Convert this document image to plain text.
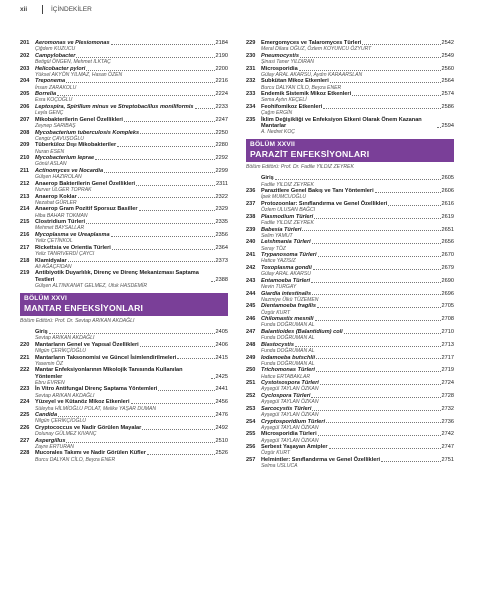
xii	İÇİNDEKİLER
201	Aeromonas ve Plesiomonas	2184
Çiğdem KUZUCU
202	Campylobacter	2190
Betigül ÖNGEN, Mehmet ILKTAÇ
203	Helicobacter pylori	2200
Yüksel AKYÖN YILMAZ, Hasan ÖZEN
204	Treponema	2216
İnsan ZARAKOLU
205	Borrelia	2224
Esra KOÇOĞLU
206	Leptospira, Spirillum minus ve Streptobacillus moniliformis	2233
Leyla GENÇ
207	Mikobakterilerin Genel Özellikleri	2247
Zeynep SARIBAŞ
208	Mycobacterium tuberculosis Kompleks	2250
Cengiz ÇAVUŞOĞLU
209	Tüberküloz Dışı Mikobakteriler	2280
Nuran ESEN
210	Mycobacterium leprae	2292
Gönül ASLAN
211	Actinomyces ve Nocardia	2299
Gülşen HAZIROLAN
212	Anaerop Bakterilerin Genel Özellikleri	2311
Nurver ÜLGER TOPRAK
213	Anaerop Koklar	2322
Nezahat GÜRLER
214	Anaerop Gram Pozitif Sporsuz Basiller	2329
Hiba BAHAR TOKMAN
215	Clostridium Türleri	2335
Mehmet BAYSALLAR
216	Mycoplasma ve Ureaplasma	2356
Yeliz ÇETİNKOL
217	Rickettsia ve Orientia Türleri	2364
Yeliz TANRIVERDİ ÇAYCI
218	Klamidyalar	2373
Ali AĞAÇFIDAN
219	Antibiyotik Duyarlılık, Direnç ve Direnç Mekanizması Saptama Testleri	2388
Gülşen ALTINKANAT GELMEZ, Ufuk HASDEMİR
BÖLÜM XXVI
MANTAR ENFEKSİYONLARI
Bölüm Editörü: Prof. Dr. Sevtap ARIKAN AKDAĞLI
Giriş	2405
Sevtap ARIKAN AKDAĞLI
220	Mantarların Genel ve Yapısal Özellikleri	2406
Nilgün ÇERİKÇİOĞLU
221	Mantarların Taksonomisi ve Güncel İsimlendirilmeleri	2415
Yasemin ÖZ
222	Mantar Enfeksiyonlarının Mikolojik Tanısında Kullanılan Yöntemler	2425
Ebru EVREN
223	İn Vitro Antifungal Direnç Saptama Yöntemleri	2441
Sevtap ARIKAN AKDAĞLI
224	Yüzeyel ve Kütanöz Mikoz Etkenleri	2456
Süleyha HİLMİOĞLU POLAT, Melike YAŞAR DUMAN
225	Candida	2476
Nilgün ÇERİKÇİOĞLU
226	Cryptococcus ve Nadir Görülen Mayalar	2492
Dolunay GÜLMEZ KIVANÇ
227	Aspergillus	2510
Zayre ERTURAN
228	Mucorales Takımı ve Nadir Görülen Küfler	2526
Burcu DALYAN CİLO, Beyza ENER
229	Emergomyces ve Talaromyces Türleri	2542
Meral Dilara OĞUZ, Özlem KOYUNCU ÖZYURT
230	Pneumocystis	2549
Şinasi Taner YILDIRAN
231	Microsporidia	2560
Gülay ARAL AKARSU, Aydın KARAARSLAN
232	Subkütan Mikoz Etkenleri	2564
Burcu DALYAN CİLO, Beyza ENER
233	Endemik Sistemik Mikoz Etkenleri	2574
Sema Aytın KEÇELİ
234	Feohifomikoz Etkenleri	2586
Çağın ERGİN
235	İklim Değişikliği ve Enfeksiyon Etkeni Olarak Önem Kazanan Mantarlar	2594
A. Nedret KOÇ
BÖLÜM XXVII
PARAZİT ENFEKSİYONLARI
Bölüm Editörü: Prof. Dr. Fadile YILDIZ ZEYREK
Giriş	2605
Fadile YILDIZ ZEYREK
236	Parazitlere Genel Bakış ve Tanı Yöntemleri	2606
İpek MUMCUOĞLU
237	Protozoonlar: Sınıflandırma ve Genel Özellikleri	2616
Özlem ULUSAN BAĞCI
238	Plasmodium Türleri	2619
Fadile YILDIZ ZEYREK
239	Babesia Türleri	2651
Selim YAMUT
240	Leishmania Türleri	2656
Seray TÖZ
241	Trypanosoma Türleri	2670
Hatice YAZISIZ
242	Toxoplasma gondii	2679
Gülay ARAL AKARSU
243	Entamoeba Türleri	2690
Nevin TURGAY
244	Giardia intestinalis	2696
Nazmiye Ülkü TÜZEMEN
245	Dientamoeba fragilis	2705
Özgür KURT
246	Chilomastix mesnili	2708
Funda DOĞRUMAN AL
247	Balantioides (Balantidium) coli	2710
Funda DOĞRUMAN AL
248	Blastocystis	2713
Funda DOĞRUMAN AL
249	Iodamoeba butschlii	2717
Funda DOĞRUMAN AL
250	Trichomonas Türleri	2719
Hatice ERTABAKLAR
251	Cystoisospora Türleri	2724
Ayşegül TAYLAN ÖZKAN
252	Cyclospora Türleri	2728
Ayşegül TAYLAN ÖZKAN
253	Sarcocystis Türleri	2732
Ayşegül TAYLAN ÖZKAN
254	Cryptosporidium Türleri	2736
Ayşegül TAYLAN ÖZKAN
255	Microsporidia Türleri	2742
Ayşegül TAYLAN ÖZKAN
256	Serbest Yaşayan Amipler	2747
Özgür KURT
257	Helmintler: Sınıflandırma ve Genel Özellikleri	2751
Selma USLUCA
